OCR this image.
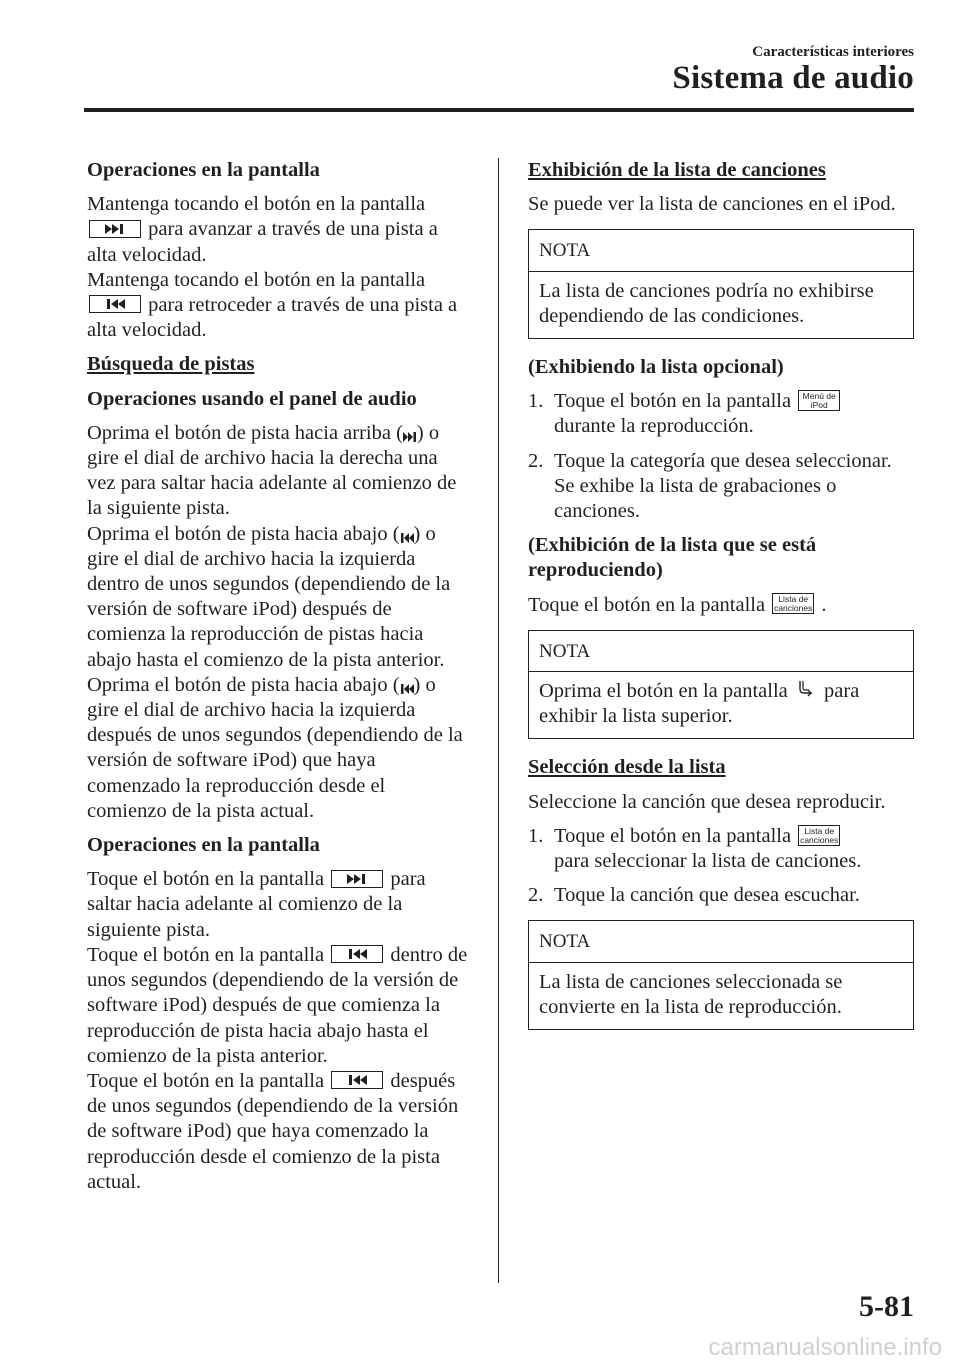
Características interiores
Sistema de audio

Operaciones en la pantalla

Mantenga tocando el botón en la pantalla
para avanzar a través de una pista a alta velocidad.
Mantenga tocando el botón en la pantalla
para retroceder a través de una pista a alta velocidad.

Búsqueda de pistas

Operaciones usando el panel de audio

Oprima el botón de pista hacia arriba ( ) o gire el dial de archivo hacia la derecha una vez para saltar hacia adelante al comienzo de la siguiente pista.
Oprima el botón de pista hacia abajo ( ) o gire el dial de archivo hacia la izquierda dentro de unos segundos (dependiendo de la versión de software iPod) después de comienza la reproducción de pistas hacia abajo hasta el comienzo de la pista anterior.
Oprima el botón de pista hacia abajo ( ) o gire el dial de archivo hacia la izquierda después de unos segundos (dependiendo de la versión de software iPod) que haya comenzado la reproducción desde el comienzo de la pista actual.

Operaciones en la pantalla

Toque el botón en la pantalla	para saltar hacia adelante al comienzo de la siguiente pista.
Toque el botón en la pantalla	dentro de unos segundos (dependiendo de la versión de software iPod) después de que comienza la reproducción de pista hacia abajo hasta el comienzo de la pista anterior.
Toque el botón en la pantalla	después de unos segundos (dependiendo de la versión de software iPod) que haya comenzado la reproducción desde el comienzo de la pista actual.

Exhibición de la lista de canciones

Se puede ver la lista de canciones en el iPod.

NOTA
La lista de canciones podría no exhibirse dependiendo de las condiciones.

(Exhibiendo la lista opcional)

1. Toque el botón en la pantalla Menú de
iPod
durante la reproducción.
2. Toque la categoría que desea seleccionar. Se exhibe la lista de grabaciones o canciones.

(Exhibición de la lista que se está reproduciendo)

Toque el botón en la pantalla Lista de
canciones .

NOTA
Oprima el botón en la pantalla para exhibir la lista superior.

Selección desde la lista

Seleccione la canción que desea reproducir.

1. Toque el botón en la pantalla Lista de
canciones
para seleccionar la lista de canciones.
2. Toque la canción que desea escuchar.
NOTA
La lista de canciones seleccionada se convierte en la lista de reproducción.
5-81
carmanualsonline.info
